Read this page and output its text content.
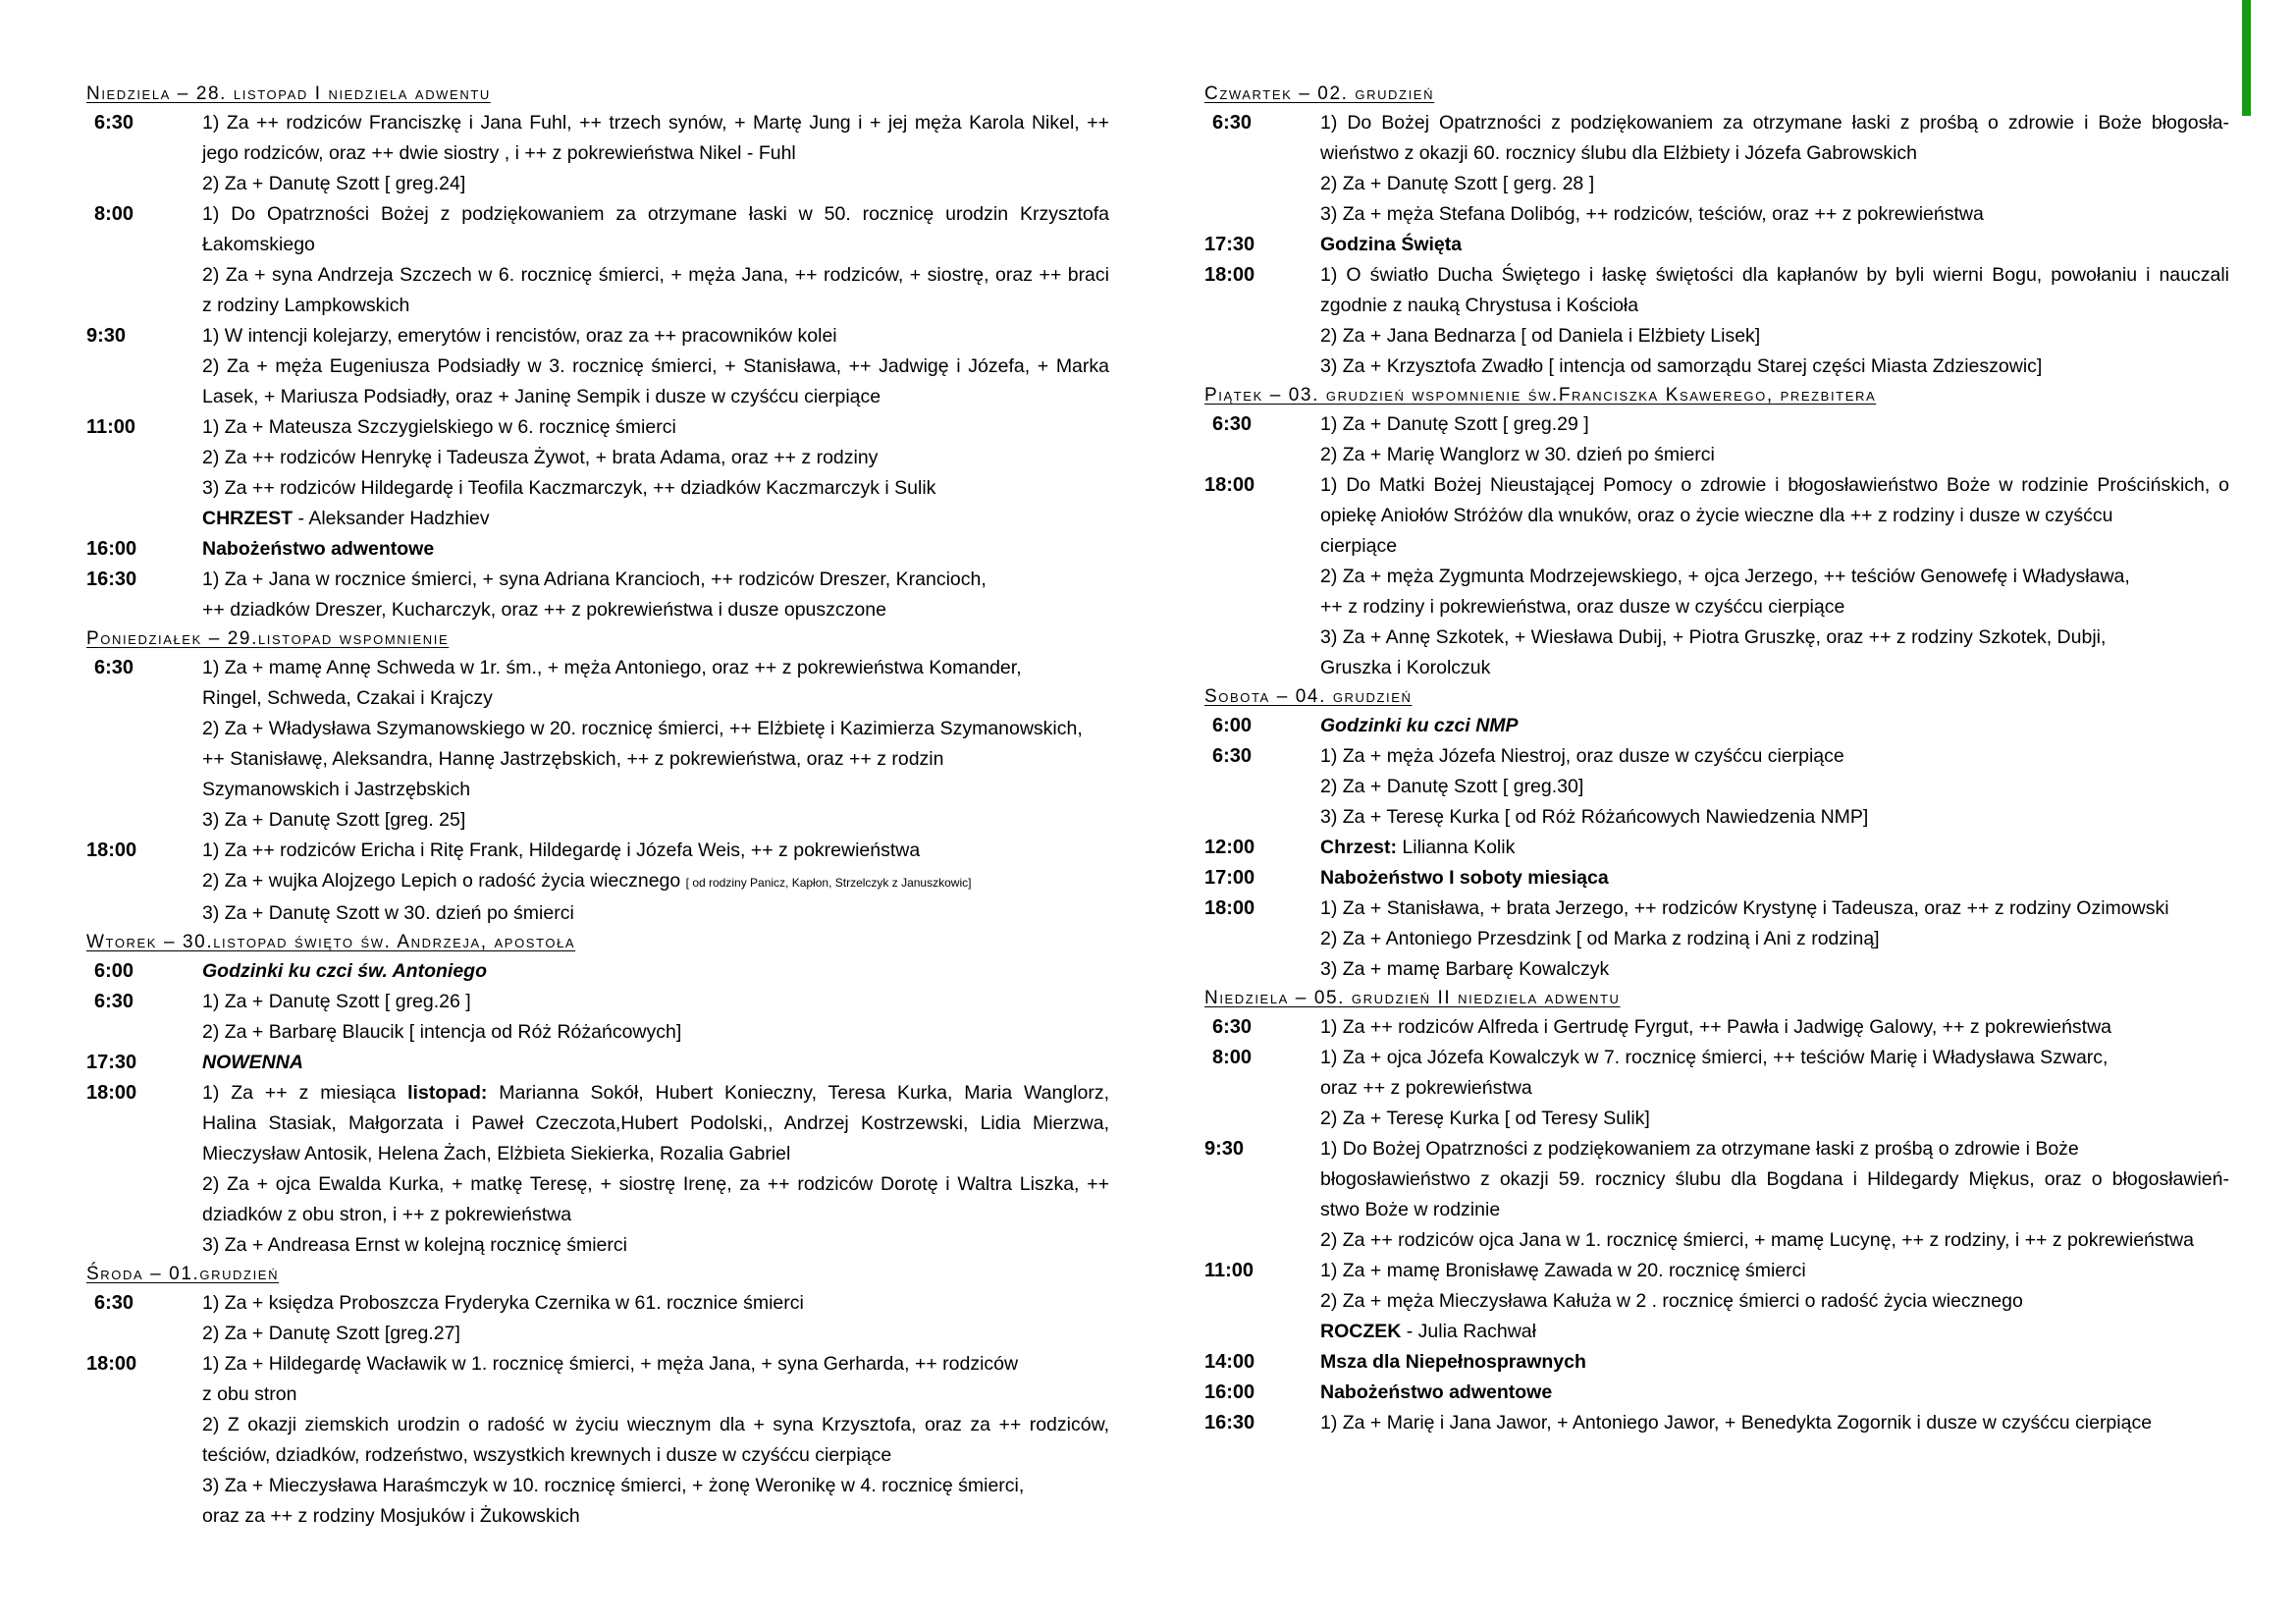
Niedziela – 28. listopad I niedziela adwentu
6:30	1) Za ++ rodziców Franciszkę i Jana Fuhl, ++ trzech synów, + Martę Jung i + jej męża Karola Nikel, ++
jego rodziców, oraz ++ dwie siostry , i ++ z pokrewieństwa Nikel - Fuhl
2) Za + Danutę Szott [ greg.24]
8:00	1) Do Opatrzności Bożej z podziękowaniem za otrzymane łaski w 50. rocznicę urodzin Krzysztofa
Łakomskiego
2) Za + syna Andrzeja Szczech w 6. rocznicę śmierci, + męża Jana, ++ rodziców, + siostrę, oraz ++ braci
z rodziny Lampkowskich
9:30	1) W intencji kolejarzy, emerytów i rencistów, oraz za ++ pracowników kolei
2) Za + męża Eugeniusza Podsiadły w 3. rocznicę śmierci, + Stanisława, ++ Jadwigę i Józefa, + Marka
Lasek, + Mariusza Podsiadły, oraz + Janinę Sempik i dusze w czyśćcu cierpiące
11:00	1) Za + Mateusza Szczygielskiego w 6. rocznicę śmierci
2) Za ++ rodziców Henrykę i Tadeusza Żywot, + brata Adama, oraz ++ z rodziny
3) Za ++ rodziców Hildegardę i Teofila Kaczmarczyk, ++ dziadków Kaczmarczyk i Sulik
CHRZEST - Aleksander Hadzhiev
16:00	Nabożeństwo adwentowe
16:30	1) Za + Jana w rocznice śmierci, + syna Adriana Krancioch, ++ rodziców Dreszer, Krancioch,
++ dziadków Dreszer, Kucharczyk, oraz ++ z pokrewieństwa i dusze opuszczone
Poniedziałek – 29.listopad wspomnienie
6:30	1) Za + mamę Annę Schweda w 1r. śm., + męża Antoniego, oraz ++ z pokrewieństwa Komander,
Ringel, Schweda, Czakai i Krajczy
2) Za + Władysława Szymanowskiego w 20. rocznicę śmierci, ++ Elżbietę i Kazimierza Szymanowskich,
++ Stanisławę, Aleksandra, Hannę Jastrzębskich, ++ z pokrewieństwa, oraz ++ z rodzin
Szymanowskich i Jastrzębskich
3) Za + Danutę Szott [greg. 25]
18:00	1) Za ++ rodziców Ericha i Ritę Frank, Hildegardę i Józefa Weis, ++ z pokrewieństwa
2) Za + wujka Alojzego Lepich o radość życia wiecznego [ od rodziny Panicz, Kapłon, Strzelczyk z Januszkowic]
3) Za + Danutę Szott w 30. dzień po śmierci
Wtorek – 30.listopad święto św. Andrzeja, apostoła
6:00	Godzinki ku czci św. Antoniego
6:30	1) Za + Danutę Szott [ greg.26 ]
2) Za + Barbarę Blaucik [ intencja od Róż Różańcowych]
17:30	NOWENNA
18:00	1) Za ++ z miesiąca listopad: Marianna Sokół, Hubert Konieczny, Teresa Kurka, Maria Wanglorz,
Halina Stasiak, Małgorzata i Paweł Czeczota,Hubert Podolski,, Andrzej Kostrzewski, Lidia Mierzwa,
Mieczysław Antosik, Helena Żach, Elżbieta Siekierka, Rozalia Gabriel
2) Za + ojca Ewalda Kurka, + matkę Teresę, + siostrę Irenę, za ++ rodziców Dorotę i Waltra Liszka, ++
dziadków z obu stron, i ++ z pokrewieństwa
3) Za + Andreasa Ernst w kolejną rocznicę śmierci
Środa – 01.grudzień
6:30	1) Za + księdza Proboszcza Fryderyka Czernika w 61. rocznice śmierci
2) Za + Danutę Szott [greg.27]
18:00	1) Za + Hildegardę Wacławik w 1. rocznicę śmierci, + męża Jana, + syna Gerharda, ++ rodziców
z obu stron
2) Z okazji ziemskich urodzin o radość w życiu wiecznym dla + syna Krzysztofa, oraz za ++ rodziców,
teściów, dziadków, rodzeństwo, wszystkich krewnych i dusze w czyśćcu cierpiące
3) Za + Mieczysława Haraśmczyk w 10. rocznicę śmierci, + żonę Weronikę w 4. rocznicę śmierci,
oraz za ++ z rodziny Mosjuków i Żukowskich
Czwartek – 02. grudzień
6:30	1) Do Bożej Opatrzności z podziękowaniem za otrzymane łaski z prośbą o zdrowie i Boże błogosła-
wieństwo z okazji 60. rocznicy ślubu dla Elżbiety i Józefa Gabrowskich
2) Za + Danutę Szott [ gerg. 28 ]
3) Za + męża Stefana Dolibóg, ++ rodziców, teściów, oraz ++ z pokrewieństwa
17:30	Godzina Święta
18:00	1) O światło Ducha Świętego i łaskę świętości dla kapłanów by byli wierni Bogu, powołaniu i nauczali
zgodnie z nauką Chrystusa i Kościoła
2) Za + Jana Bednarza [ od Daniela i Elżbiety Lisek]
3) Za + Krzysztofa Zwadło [ intencja od samorządu Starej części Miasta Zdzieszowic]
Piątek – 03. grudzień wspomnienie św.Franciszka Ksawerego, prezbitera
6:30	1) Za + Danutę Szott [ greg.29 ]
2) Za + Marię Wanglorz w 30. dzień po śmierci
18:00	1) Do Matki Bożej Nieustającej Pomocy o zdrowie i błogosławieństwo Boże w rodzinie Prościńskich, o
opiekę Aniołów Stróżów dla wnuków, oraz o życie wieczne dla ++ z rodziny i dusze w czyśćcu
cierpiące
2) Za + męża Zygmunta Modrzejewskiego, + ojca Jerzego, ++ teściów Genowefę i Władysława,
++ z rodziny i pokrewieństwa, oraz dusze w czyśćcu cierpiące
3) Za + Annę Szkotek, + Wiesława Dubij, + Piotra Gruszkę, oraz ++ z rodziny Szkotek, Dubji,
Gruszka i Korolczuk
Sobota – 04. grudzień
6:00	Godzinki ku czci NMP
6:30	1) Za + męża Józefa Niestroj, oraz dusze w czyśćcu cierpiące
2) Za + Danutę Szott [ greg.30]
3) Za + Teresę Kurka [ od Róż Różańcowych Nawiedzenia NMP]
12:00	Chrzest: Lilianna Kolik
17:00	Nabożeństwo I soboty miesiąca
18:00	1) Za + Stanisława, + brata Jerzego, ++ rodziców Krystynę i Tadeusza, oraz ++ z rodziny Ozimowski
2) Za + Antoniego Przesdzink [ od Marka z rodziną i Ani z rodziną]
3) Za + mamę Barbarę Kowalczyk
Niedziela – 05. grudzień II niedziela adwentu
6:30	1) Za ++ rodziców Alfreda i Gertrudę Fyrgut, ++ Pawła i Jadwigę Galowy, ++ z pokrewieństwa
8:00	1) Za + ojca Józefa Kowalczyk w 7. rocznicę śmierci, ++ teściów Marię i Władysława Szwarc,
oraz ++ z pokrewieństwa
2) Za + Teresę Kurka [ od Teresy Sulik]
9:30	1) Do Bożej Opatrzności z podziękowaniem za otrzymane łaski z prośbą o zdrowie i Boże
błogosławieństwo z okazji 59. rocznicy ślubu dla Bogdana i Hildegardy Miękus, oraz o błogosławień-
stwo Boże w rodzinie
2) Za ++ rodziców ojca Jana w 1. rocznicę śmierci, + mamę Lucynę, ++ z rodziny, i ++ z pokrewieństwa
11:00	1) Za + mamę Bronisławę Zawada w 20. rocznicę śmierci
2) Za + męża Mieczysława Kałuża w 2 . rocznicę śmierci o radość życia wiecznego
ROCZEK - Julia Rachwał
14:00	Msza dla Niepełnosprawnych
16:00	Nabożeństwo adwentowe
16:30	1) Za + Marię i Jana Jawor, + Antoniego Jawor, + Benedykta Zogornik i dusze w czyśćcu cierpiące
